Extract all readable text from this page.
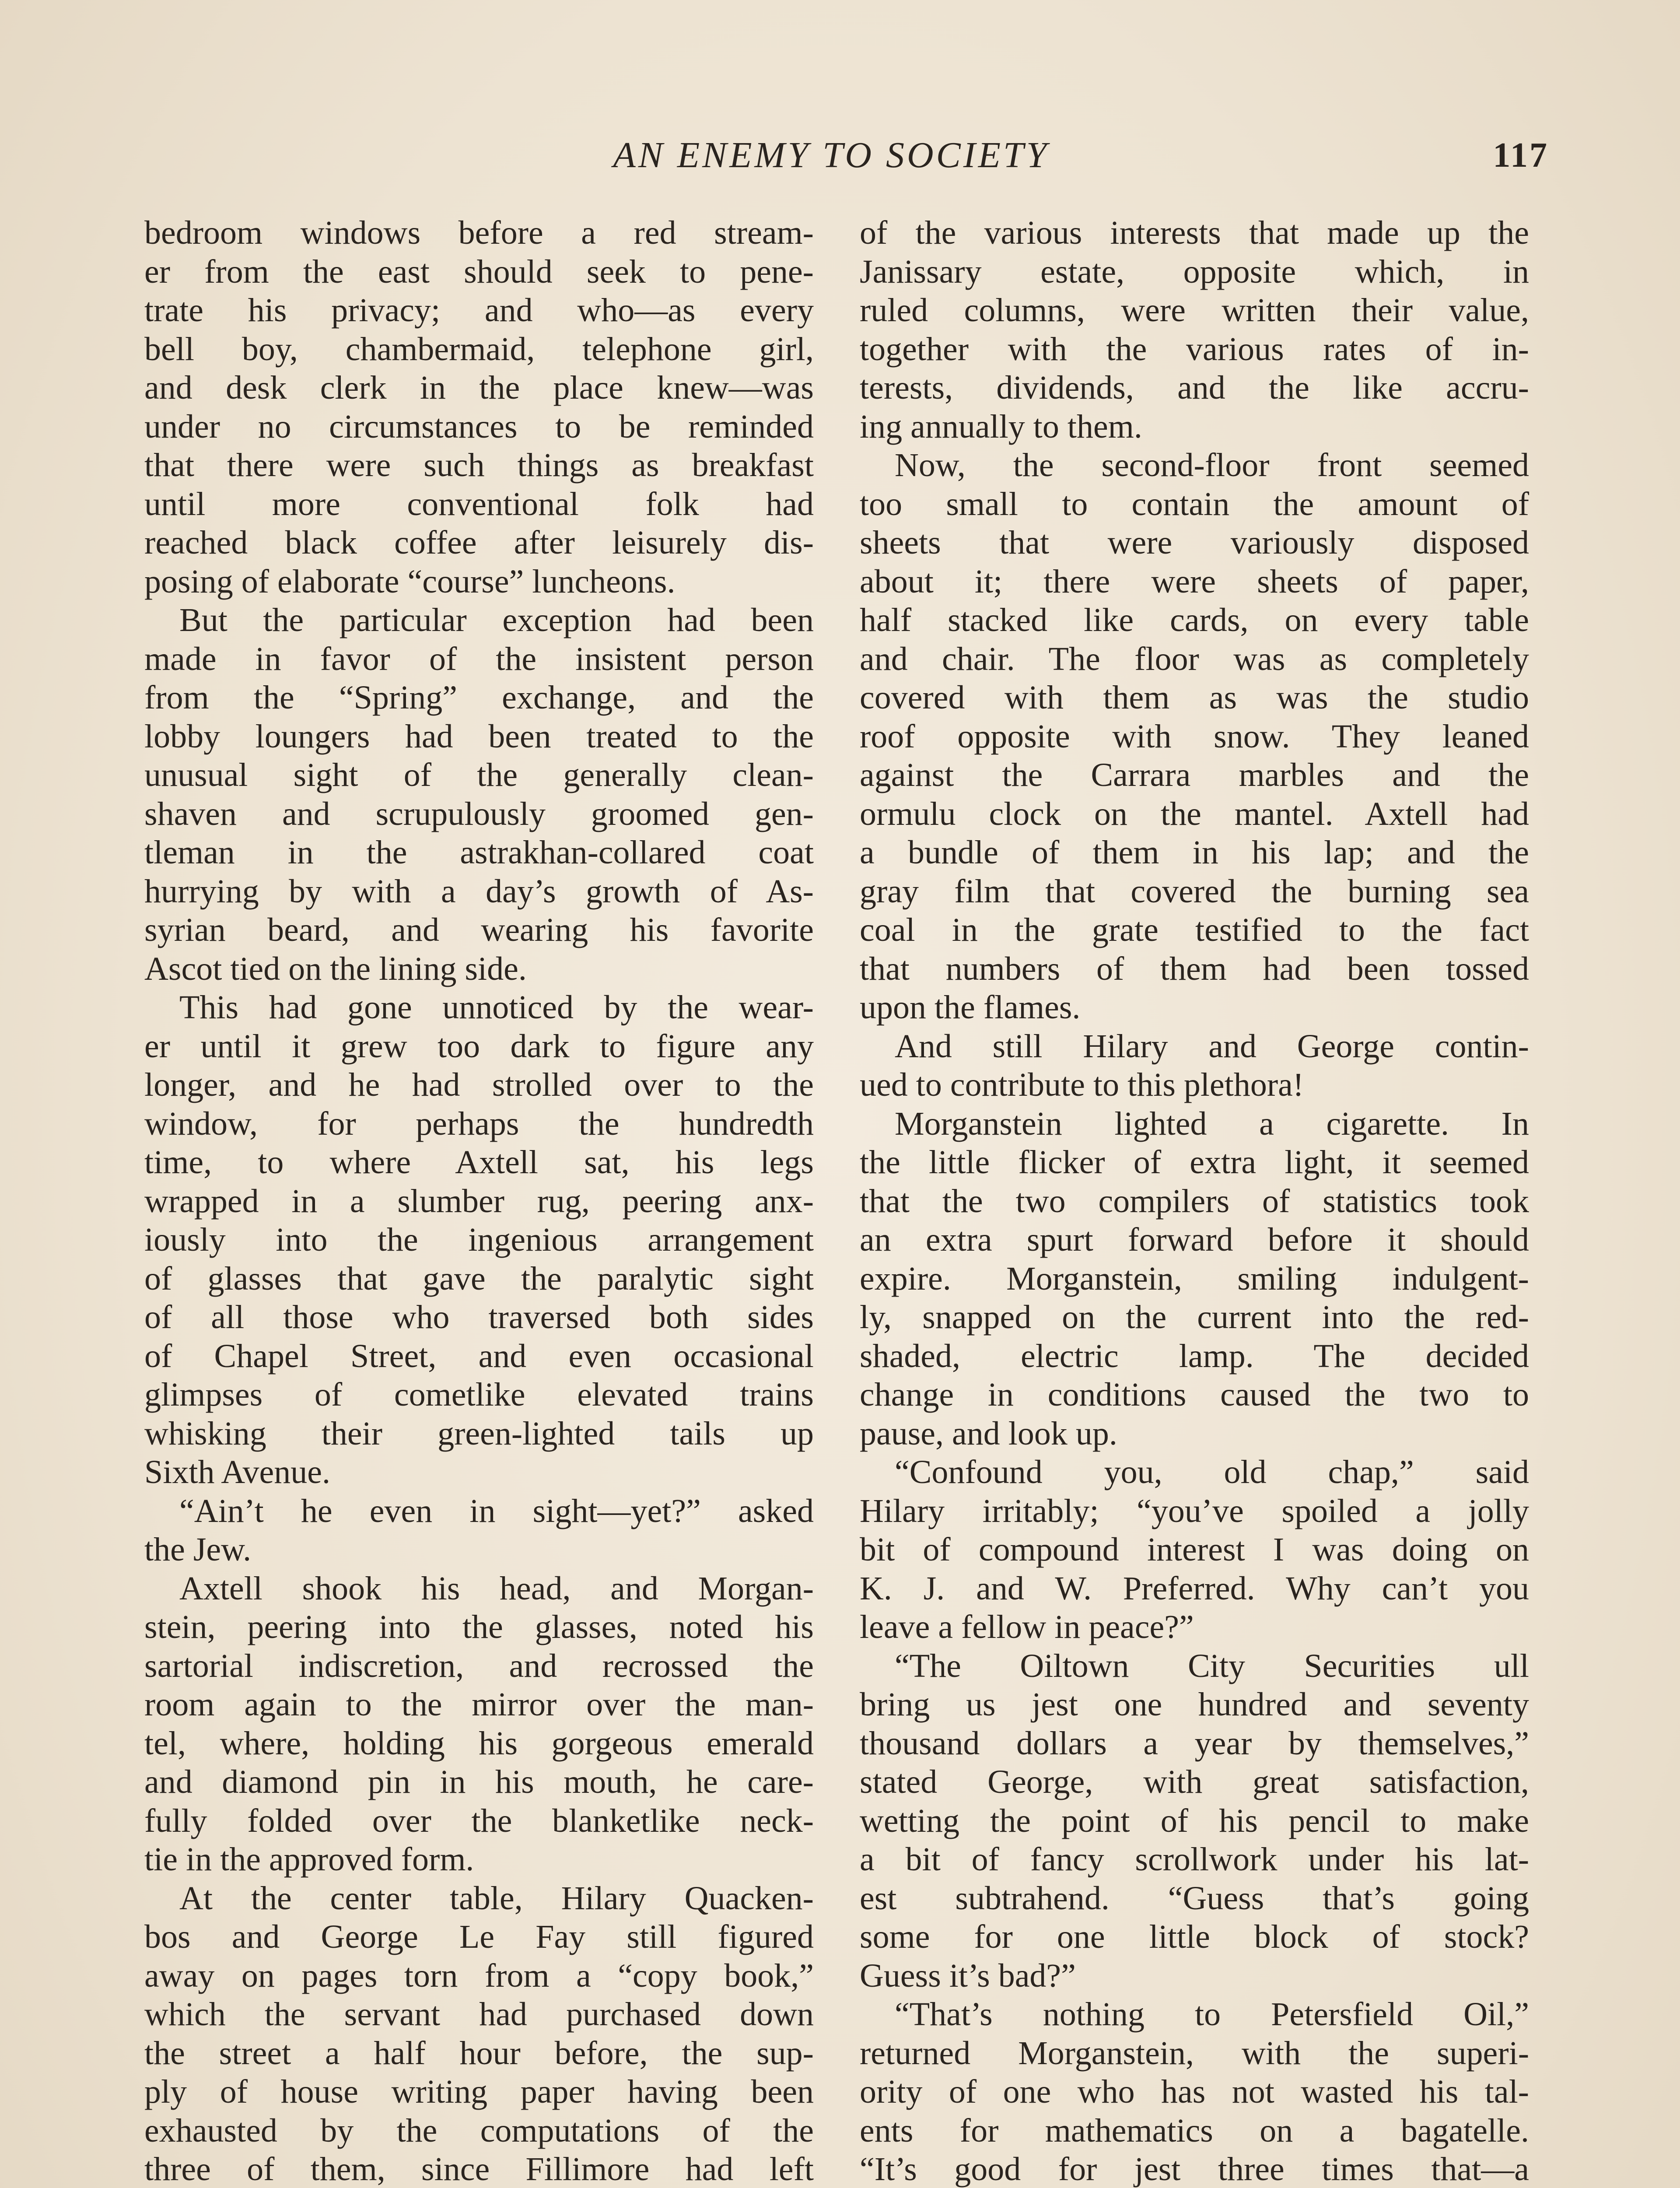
AN ENEMY TO SOCIETY	117
bedroom windows before a red stream-
er from the east should seek to pene-
trate his privacy; and who—as every
bell boy, chambermaid, telephone girl,
and desk clerk in the place knew—was
under no circumstances to be reminded
that there were such things as breakfast
until more conventional folk had
reached black coffee after leisurely dis-
posing of elaborate “course” luncheons.
But the particular exception had been
made in favor of the insistent person
from the “Spring” exchange, and the
lobby loungers had been treated to the
unusual sight of the generally clean-
shaven and scrupulously groomed gen-
tleman in the astrakhan-collared coat
hurrying by with a day’s growth of As-
syrian beard, and wearing his favorite
Ascot tied on the lining side.
This had gone unnoticed by the wear-
er until it grew too dark to figure any
longer, and he had strolled over to the
window, for perhaps the hundredth
time, to where Axtell sat, his legs
wrapped in a slumber rug, peering anx-
iously into the ingenious arrangement
of glasses that gave the paralytic sight
of all those who traversed both sides
of Chapel Street, and even occasional
glimpses of cometlike elevated trains
whisking their green-lighted tails up
Sixth Avenue.
“Ain’t he even in sight—yet?” asked
the Jew.
Axtell shook his head, and Morgan-
stein, peering into the glasses, noted his
sartorial indiscretion, and recrossed the
room again to the mirror over the man-
tel, where, holding his gorgeous emerald
and diamond pin in his mouth, he care-
fully folded over the blanketlike neck-
tie in the approved form.
At the center table, Hilary Quacken-
bos and George Le Fay still figured
away on pages torn from a “copy book,”
which the servant had purchased down
the street a half hour before, the sup-
ply of house writing paper having been
exhausted by the computations of the
three of them, since Fillimore had left
of the various interests that made up the
Janissary estate, opposite which, in
ruled columns, were written their value,
together with the various rates of in-
terests, dividends, and the like accru-
ing annually to them.
Now, the second-floor front seemed
too small to contain the amount of
sheets that were variously disposed
about it; there were sheets of paper,
half stacked like cards, on every table
and chair. The floor was as completely
covered with them as was the studio
roof opposite with snow. They leaned
against the Carrara marbles and the
ormulu clock on the mantel. Axtell had
a bundle of them in his lap; and the
gray film that covered the burning sea
coal in the grate testified to the fact
that numbers of them had been tossed
upon the flames.
And still Hilary and George contin-
ued to contribute to this plethora!
Morganstein lighted a cigarette. In
the little flicker of extra light, it seemed
that the two compilers of statistics took
an extra spurt forward before it should
expire. Morganstein, smiling indulgent-
ly, snapped on the current into the red-
shaded, electric lamp. The decided
change in conditions caused the two to
pause, and look up.
“Confound you, old chap,” said
Hilary irritably; “you’ve spoiled a jolly
bit of compound interest I was doing on
K. J. and W. Preferred. Why can’t you
leave a fellow in peace?”
“The Oiltown City Securities ull
bring us jest one hundred and seventy
thousand dollars a year by themselves,”
stated George, with great satisfaction,
wetting the point of his pencil to make
a bit of fancy scrollwork under his lat-
est subtrahend. “Guess that’s going
some for one little block of stock?
Guess it’s bad?”
“That’s nothing to Petersfield Oil,”
returned Morganstein, with the superi-
ority of one who has not wasted his tal-
ents for mathematics on a bagatelle.
“It’s good for jest three times that—a
